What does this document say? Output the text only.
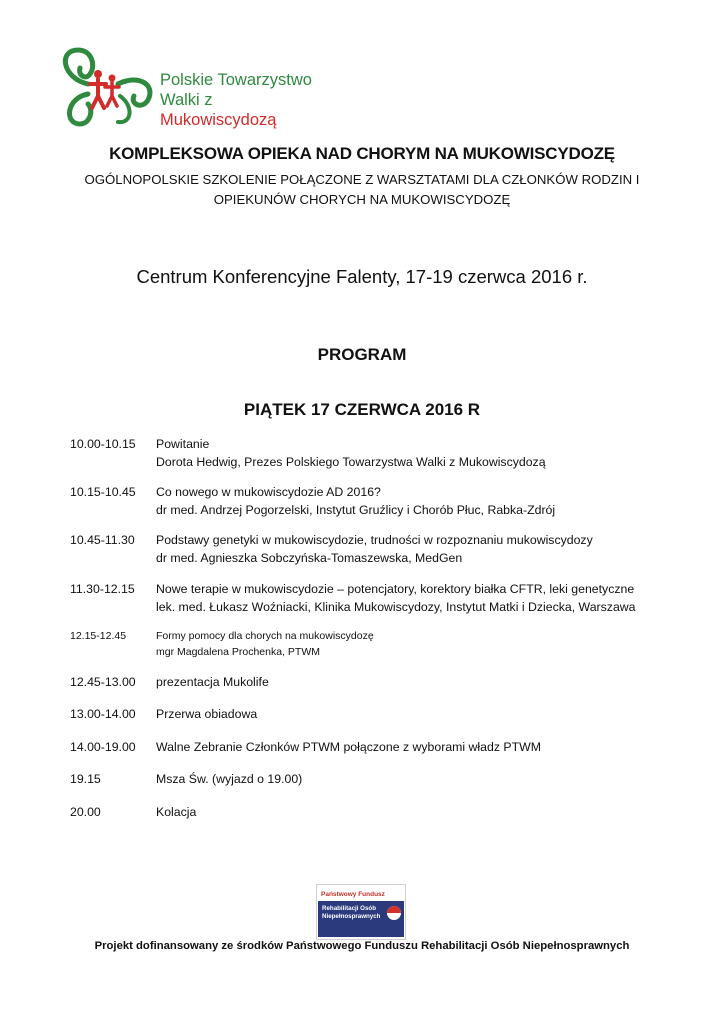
Polskie Towarzystwo
Walki z Mukowiscydozą
KOMPLEKSOWA OPIEKA NAD CHORYM NA MUKOWISCYDOZĘ
OGÓLNOPOLSKIE SZKOLENIE POŁĄCZONE Z WARSZTATAMI DLA CZŁONKÓW RODZIN I
OPIEKUNÓW CHORYCH NA MUKOWISCYDOZĘ
Centrum Konferencyjne Falenty, 17-19 czerwca 2016 r.
PROGRAM
PIĄTEK 17 CZERWCA 2016 R
10.00-10.15 Powitanie
Dorota Hedwig, Prezes Polskiego Towarzystwa Walki z Mukowiscydozą
10.15-10.45 Co nowego w mukowiscydozie AD 2016?
dr med. Andrzej Pogorzelski, Instytut Gruźlicy i Chorób Płuc, Rabka-Zdrój
10.45-11.30 Podstawy genetyki w mukowiscydozie, trudności w rozpoznaniu mukowiscydozy
dr med. Agnieszka Sobczyńska-Tomaszewska, MedGen
11.30-12.15 Nowe terapie w mukowiscydozie – potencjatory, korektory białka CFTR, leki genetyczne
lek. med. Łukasz Woźniacki, Klinika Mukowiscydozy, Instytut Matki i Dziecka, Warszawa
12.15-12.45	Formy pomocy dla chorych na mukowiscydozę
mgr Magdalena Prochenka, PTWM
12.45-13.00 prezentacja Mukolife
13.00-14.00 Przerwa obiadowa
14.00-19.00 Walne Zebranie Członków PTWM połączone z wyborami władz PTWM
19.15	Msza Św. (wyjazd o 19.00)
20.00	Kolacja
Państwowy Fundusz
Rehabilitacji Osób
Niepełnosprawnych
Projekt dofinansowany ze środków Państwowego Funduszu Rehabilitacji Osób Niepełnosprawnych
